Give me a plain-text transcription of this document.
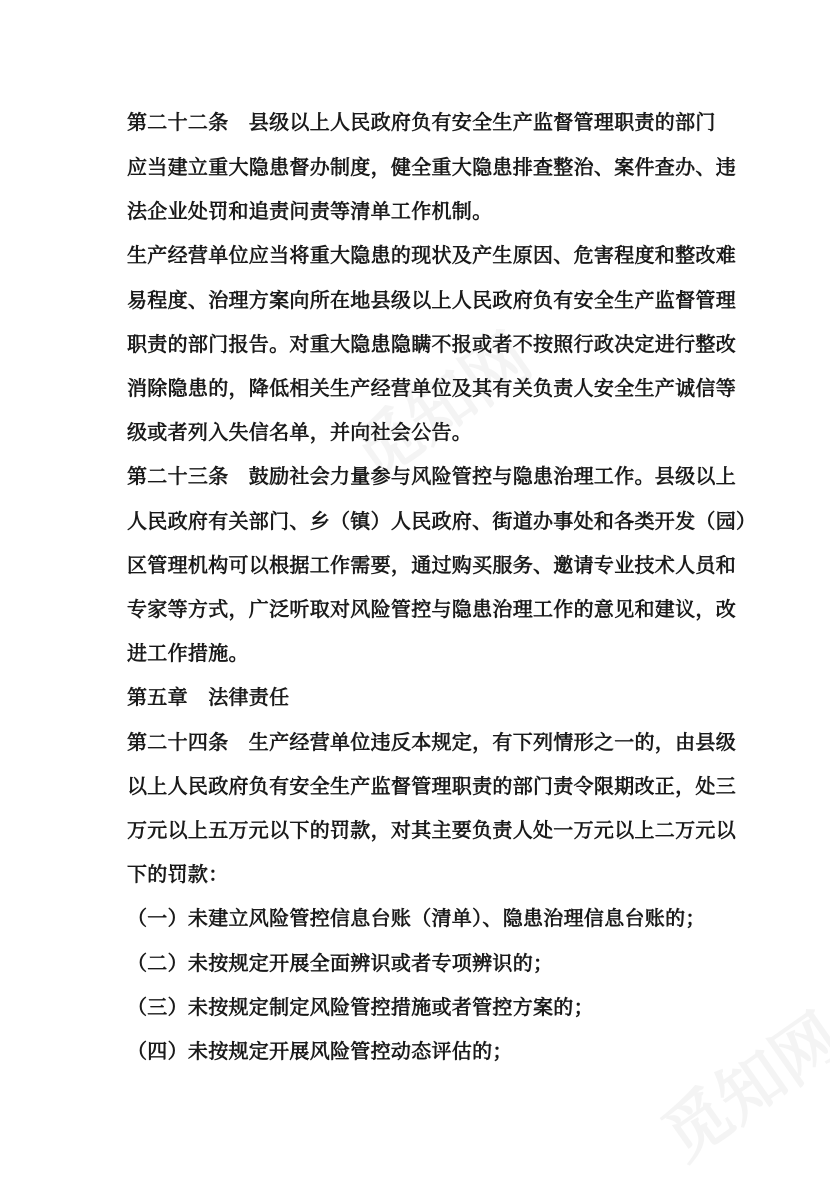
第二十二条　县级以上人民政府负有安全生产监督管理职责的部门
应当建立重大隐患督办制度，健全重大隐患排查整治、案件查办、违
法企业处罚和追责问责等清单工作机制。
生产经营单位应当将重大隐患的现状及产生原因、危害程度和整改难
易程度、治理方案向所在地县级以上人民政府负有安全生产监督管理
职责的部门报告。对重大隐患隐瞒不报或者不按照行政决定进行整改
消除隐患的，降低相关生产经营单位及其有关负责人安全生产诚信等
级或者列入失信名单，并向社会公告。
第二十三条　鼓励社会力量参与风险管控与隐患治理工作。县级以上
人民政府有关部门、乡（镇）人民政府、街道办事处和各类开发（园）
区管理机构可以根据工作需要，通过购买服务、邀请专业技术人员和
专家等方式，广泛听取对风险管控与隐患治理工作的意见和建议，改
进工作措施。
第五章　法律责任
第二十四条　生产经营单位违反本规定，有下列情形之一的，由县级
以上人民政府负有安全生产监督管理职责的部门责令限期改正，处三
万元以上五万元以下的罚款，对其主要负责人处一万元以上二万元以
下的罚款：
（一）未建立风险管控信息台账（清单）、隐患治理信息台账的；
（二）未按规定开展全面辨识或者专项辨识的；
（三）未按规定制定风险管控措施或者管控方案的；
（四）未按规定开展风险管控动态评估的；
